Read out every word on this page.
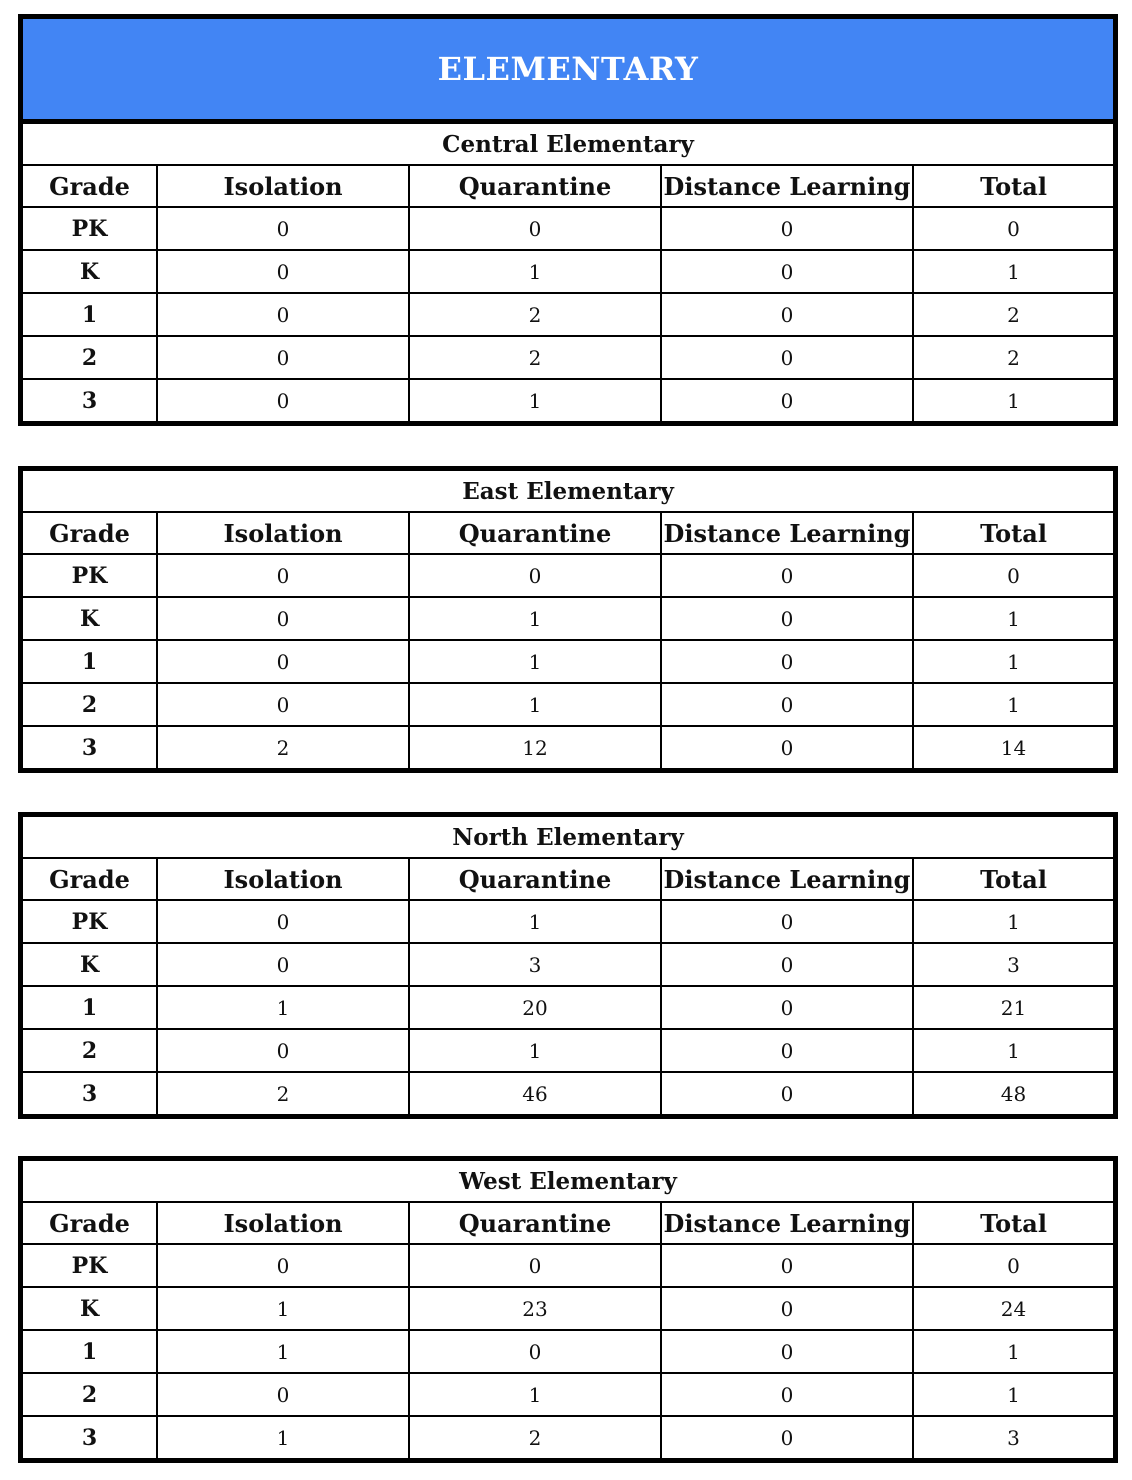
ELEMENTARY
Central Elementary				
Grade	Isolation	Quarantine	Distance Learning	Total
PK	0	0	0	0
K	0	1	0	1
1	0	2	0	2
2	0	2	0	2
3	0	1	0	1
East Elementary				
Grade	Isolation	Quarantine	Distance Learning	Total
PK	0	0	0	0
K	0	1	0	1
1	0	1	0	1
2	0	1	0	1
3	2	12	0	14
North Elementary				
Grade	Isolation	Quarantine	Distance Learning	Total
PK	0	1	0	1
K	0	3	0	3
1	1	20	0	21
2	0	1	0	1
3	2	46	0	48
West Elementary				
Grade	Isolation	Quarantine	Distance Learning	Total
PK	0	0	0	0
K	1	23	0	24
1	1	0	0	1
2	0	1	0	1
3	1	2	0	3
